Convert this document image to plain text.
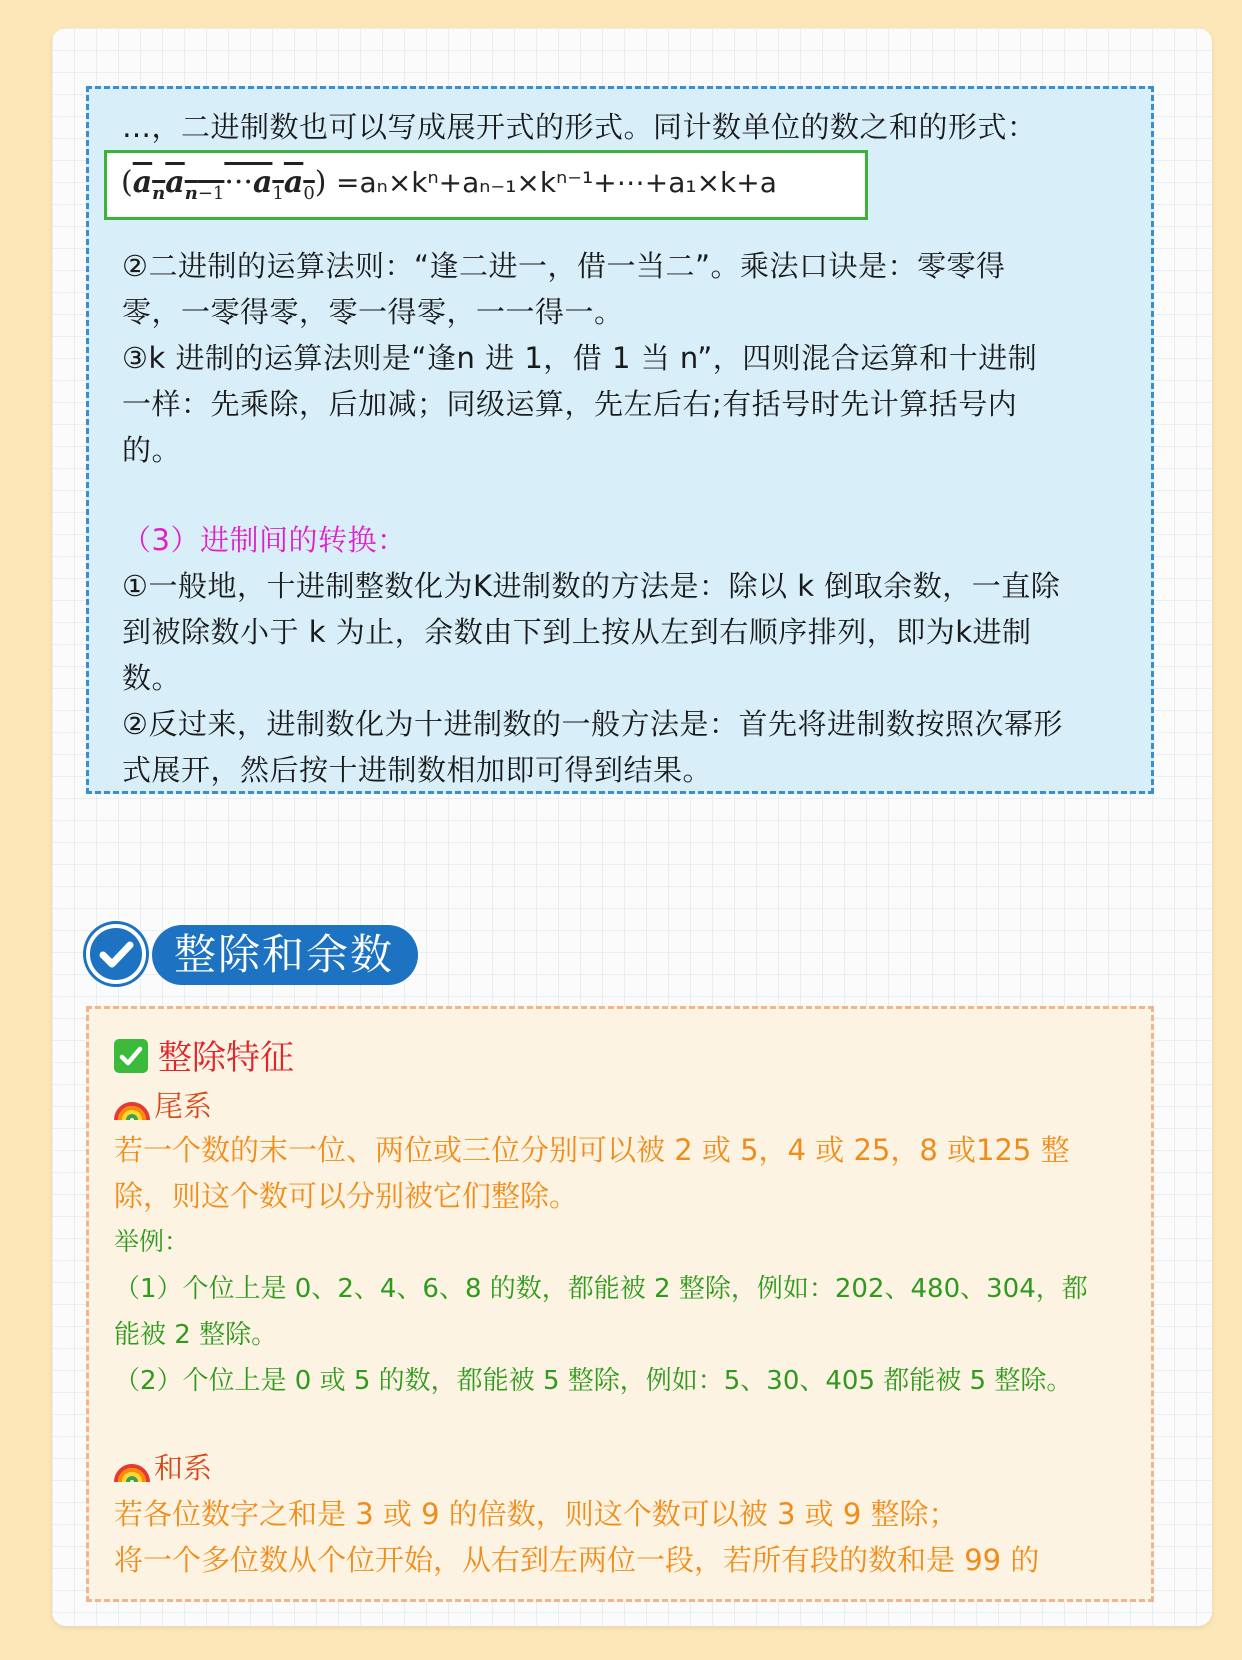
…，二进制数也可以写成展开式的形式。同计数单位的数之和的形式：
$(a_na_{n-1}\cdot\cdot\cdot a_1a_0)$ =aₙ×kⁿ+aₙ₋₁×kⁿ⁻¹+⋯+a₁×k+a
②二进制的运算法则：“逢二进一，借一当二”。乘法口诀是：零零得
零，一零得零，零一得零，一一得一。
③k 进制的运算法则是“逢n 进 1，借 1 当 n”，四则混合运算和十进制
一样：先乘除，后加减；同级运算，先左后右;有括号时先计算括号内
的。
（3）进制间的转换：
①一般地，十进制整数化为K进制数的方法是：除以 k 倒取余数，一直除
到被除数小于 k 为止，余数由下到上按从左到右顺序排列，即为k进制
数。
②反过来，进制数化为十进制数的一般方法是：首先将进制数按照次幂形
式展开，然后按十进制数相加即可得到结果。
整除和余数
整除特征
尾系
若一个数的末一位、两位或三位分别可以被 2 或 5，4 或 25，8 或125 整
除，则这个数可以分别被它们整除。
举例：
（1）个位上是 0、2、4、6、8 的数，都能被 2 整除，例如：202、480、304，都
能被 2 整除。
（2）个位上是 0 或 5 的数，都能被 5 整除，例如：5、30、405 都能被 5 整除。
和系
若各位数字之和是 3 或 9 的倍数，则这个数可以被 3 或 9 整除；
将一个多位数从个位开始，从右到左两位一段，若所有段的数和是 99 的
